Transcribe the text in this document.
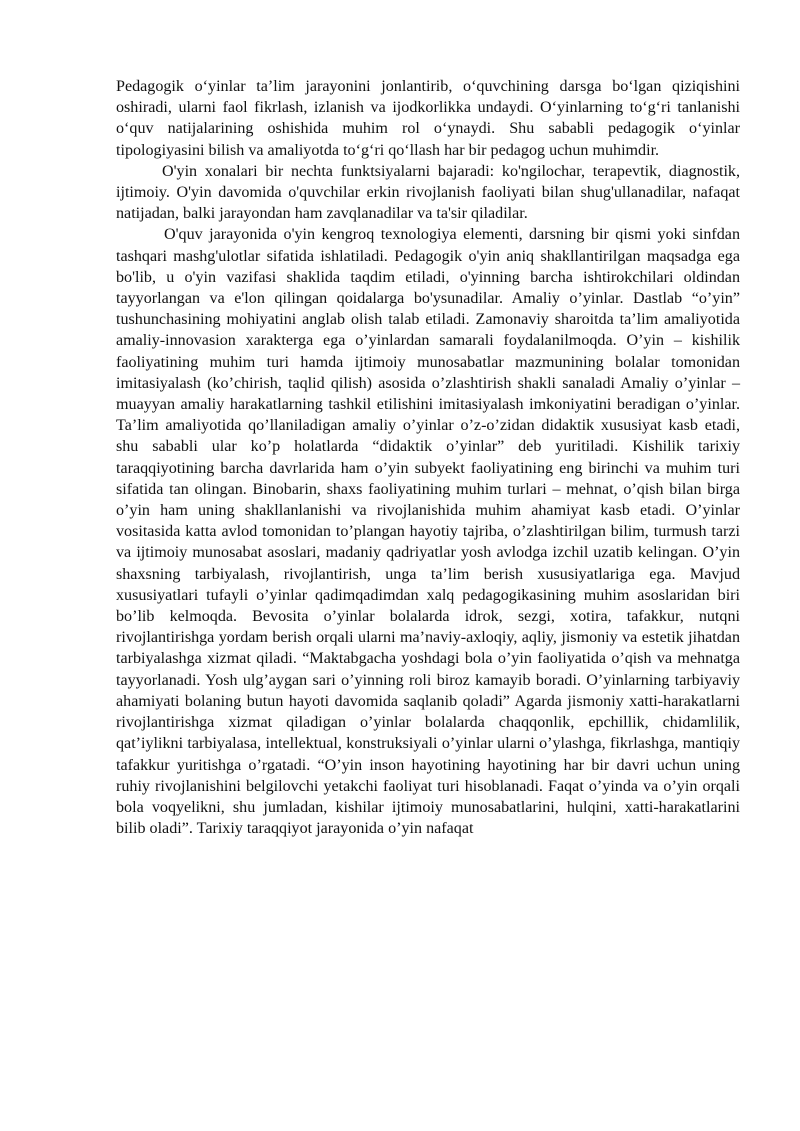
Pedagogik o‘yinlar ta’lim jarayonini jonlantirib, o‘quvchining darsga bo‘lgan qiziqishini oshiradi, ularni faol fikrlash, izlanish va ijodkorlikka undaydi. O‘yinlarning to‘g‘ri tanlanishi o‘quv natijalarining oshishida muhim rol o‘ynaydi. Shu sababli pedagogik o‘yinlar tipologiyasini bilish va amaliyotda to‘g‘ri qo‘llash har bir pedagog uchun muhimdir.

O'yin xonalari bir nechta funktsiyalarni bajaradi: ko'ngilochar, terapevtik, diagnostik, ijtimoiy. O'yin davomida o'quvchilar erkin rivojlanish faoliyati bilan shug'ullanadilar, nafaqat natijadan, balki jarayondan ham zavqlanadilar va ta'sir qiladilar.

O'quv jarayonida o'yin kengroq texnologiya elementi, darsning bir qismi yoki sinfdan tashqari mashg'ulotlar sifatida ishlatiladi. Pedagogik o'yin aniq shakllantirilgan maqsadga ega bo'lib, u o'yin vazifasi shaklida taqdim etiladi, o'yinning barcha ishtirokchilari oldindan tayyorlangan va e'lon qilingan qoidalarga bo'ysunadilar. Amaliy o’yinlar. Dastlab “o’yin” tushunchasining mohiyatini anglab olish talab etiladi. Zamonaviy sharoitda ta’lim amaliyotida amaliy-innovasion xarakterga ega o’yinlardan samarali foydalanilmoqda. O’yin – kishilik faoliyatining muhim turi hamda ijtimoiy munosabatlar mazmunining bolalar tomonidan imitasiyalash (ko’chirish, taqlid qilish) asosida o’zlashtirish shakli sanaladi Amaliy o’yinlar – muayyan amaliy harakatlarning tashkil etilishini imitasiyalash imkoniyatini beradigan o’yinlar. Ta’lim amaliyotida qo’llaniladigan amaliy o’yinlar o’z-o’zidan didaktik xususiyat kasb etadi, shu sababli ular ko’p holatlarda “didaktik o’yinlar” deb yuritiladi. Kishilik tarixiy taraqqiyotining barcha davrlarida ham o’yin subyekt faoliyatining eng birinchi va muhim turi sifatida tan olingan. Binobarin, shaxs faoliyatining muhim turlari – mehnat, o’qish bilan birga o’yin ham uning shakllanlanishi va rivojlanishida muhim ahamiyat kasb etadi. O’yinlar vositasida katta avlod tomonidan to’plangan hayotiy tajriba, o’zlashtirilgan bilim, turmush tarzi va ijtimoiy munosabat asoslari, madaniy qadriyatlar yosh avlodga izchil uzatib kelingan. O’yin shaxsning tarbiyalash, rivojlantirish, unga ta’lim berish xususiyatlariga ega. Mavjud xususiyatlari tufayli o’yinlar qadimqadimdan xalq pedagogikasining muhim asoslaridan biri bo’lib kelmoqda. Bevosita o’yinlar bolalarda idrok, sezgi, xotira, tafakkur, nutqni rivojlantirishga yordam berish orqali ularni ma’naviy-axloqiy, aqliy, jismoniy va estetik jihatdan tarbiyalashga xizmat qiladi. “Maktabgacha yoshdagi bola o’yin faoliyatida o’qish va mehnatga tayyorlanadi. Yosh ulg’aygan sari o’yinning roli biroz kamayib boradi. O’yinlarning tarbiyaviy ahamiyati bolaning butun hayoti davomida saqlanib qoladi” Agarda jismoniy xatti-harakatlarni rivojlantirishga xizmat qiladigan o’yinlar bolalarda chaqqonlik, epchillik, chidamlilik, qat’iylikni tarbiyalasa, intellektual, konstruksiyali o’yinlar ularni o’ylashga, fikrlashga, mantiqiy tafakkur yuritishga o’rgatadi. “O’yin inson hayotining hayotining har bir davri uchun uning ruhiy rivojlanishini belgilovchi yetakchi faoliyat turi hisoblanadi. Faqat o’yinda va o’yin orqali bola voqyelikni, shu jumladan, kishilar ijtimoiy munosabatlarini, hulqini, xatti-harakatlarini bilib oladi”. Tarixiy taraqqiyot jarayonida o’yin nafaqat
